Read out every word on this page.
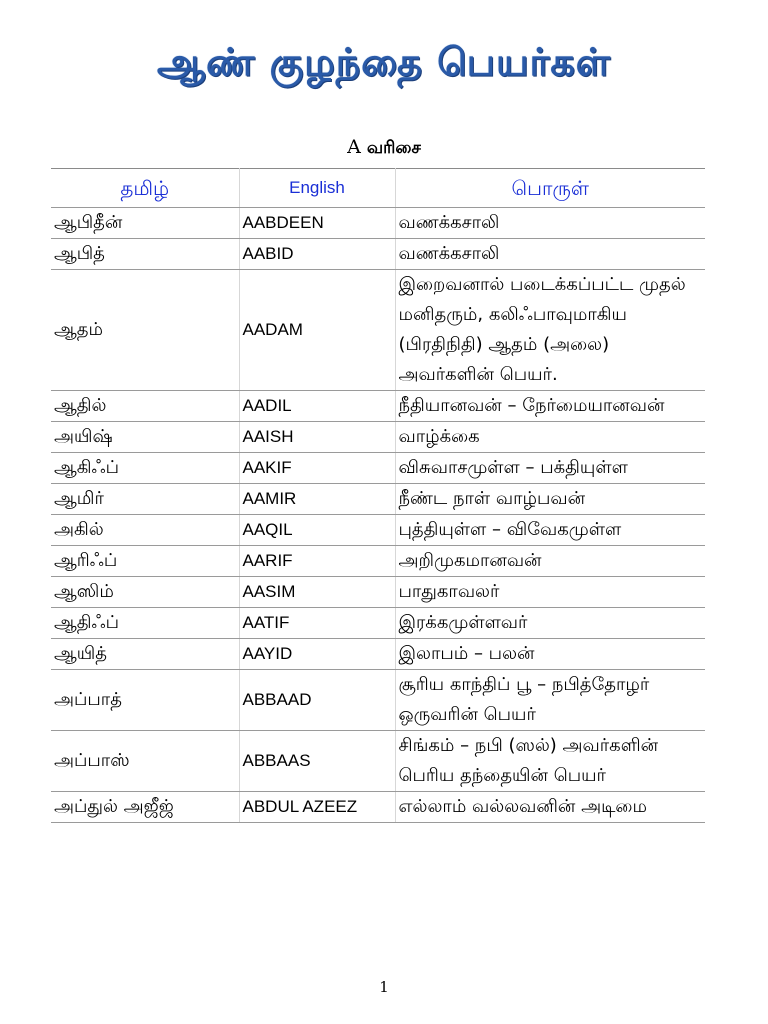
ஆண் குழந்தை பெயர்கள்
A வரிசை
தமிழ்	English	பொருள்
ஆபிதீன்	AABDEEN	வணக்கசாலி
ஆபித்	AABID	வணக்கசாலி
ஆதம்	AADAM	இறைவனால் படைக்கப்பட்ட முதல் மனிதரும், கலிஃபாவுமாகிய (பிரதிநிதி) ஆதம் (அலை) அவர்களின் பெயர்.
ஆதில்	AADIL	நீதியானவன் – நேர்மையானவன்
அயிஷ்	AAISH	வாழ்க்கை
ஆகிஃப்	AAKIF	விசுவாசமுள்ள – பக்தியுள்ள
ஆமிர்	AAMIR	நீண்ட நாள் வாழ்பவன்
அகில்	AAQIL	புத்தியுள்ள – விவேகமுள்ள
ஆரிஃப்	AARIF	அறிமுகமானவன்
ஆஸிம்	AASIM	பாதுகாவலர்
ஆதிஃப்	AATIF	இரக்கமுள்ளவர்
ஆயித்	AAYID	இலாபம் – பலன்
அப்பாத்	ABBAAD	சூரிய காந்திப் பூ – நபித்தோழர் ஒருவரின் பெயர்
அப்பாஸ்	ABBAAS	சிங்கம் – நபி (ஸல்) அவர்களின் பெரிய தந்தையின் பெயர்
அப்துல் அஜீஜ்	ABDUL AZEEZ	எல்லாம் வல்லவனின் அடிமை
1
